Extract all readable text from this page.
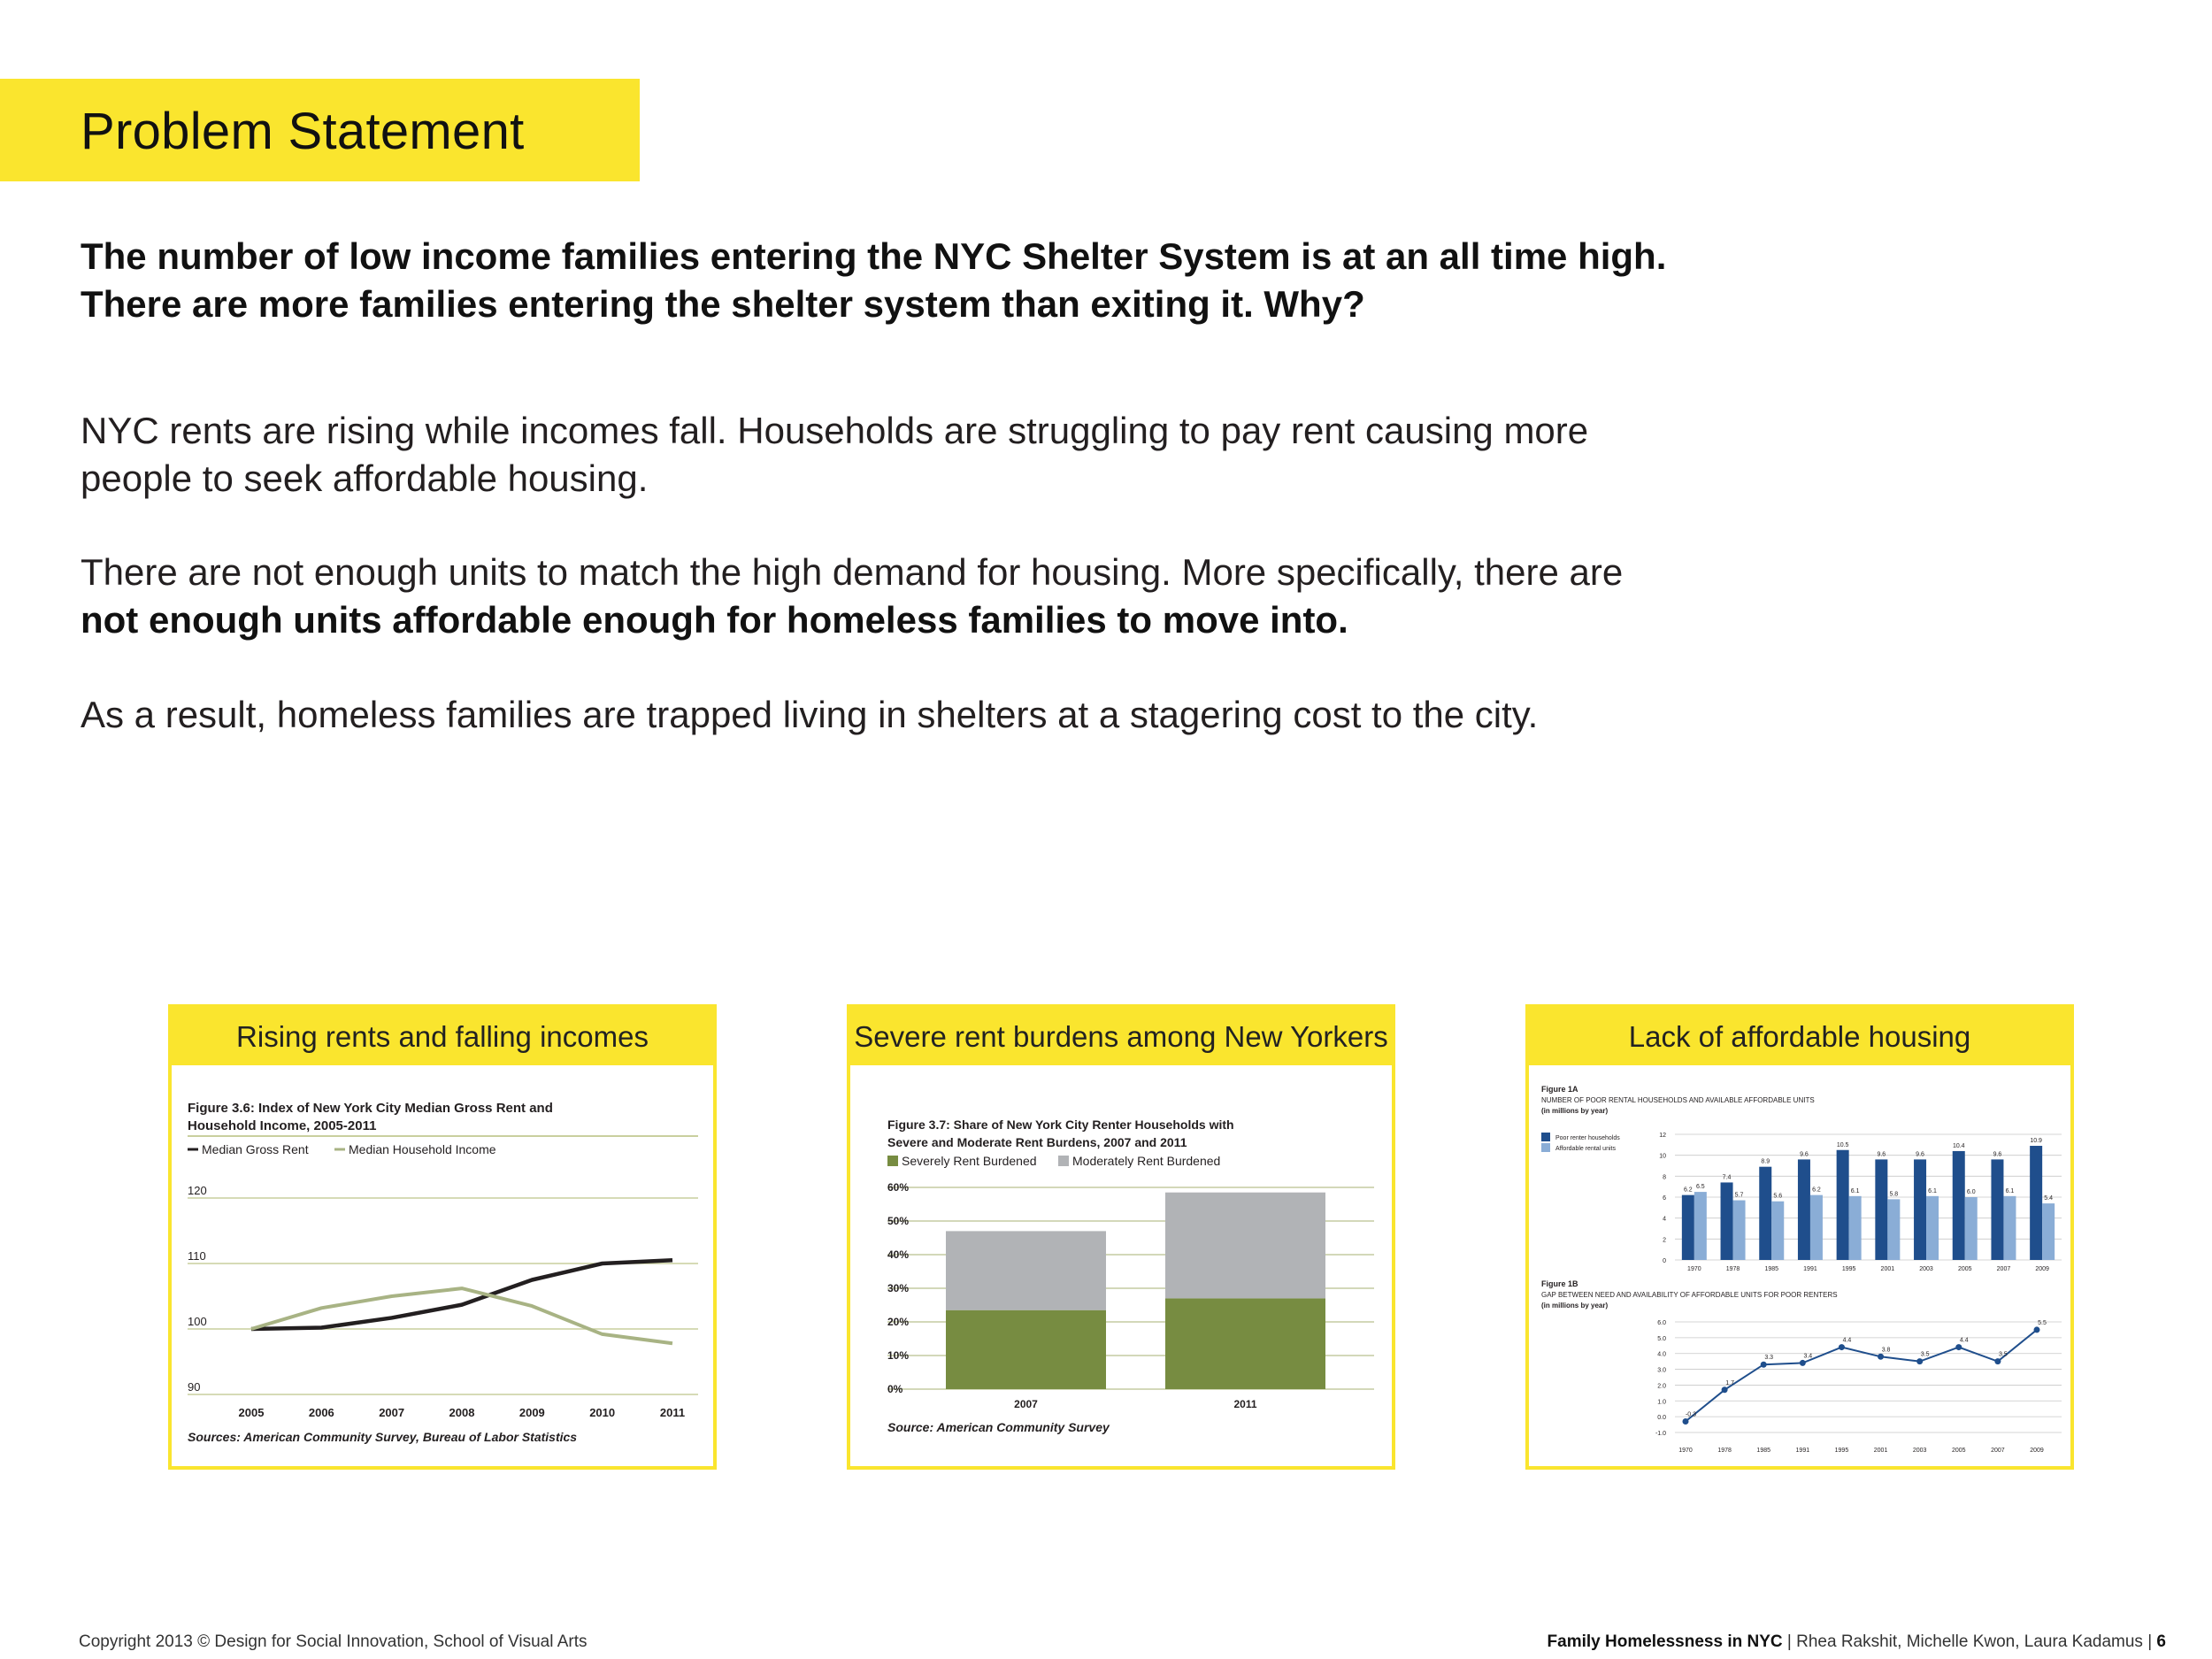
Problem Statement
The number of low income families entering the NYC Shelter System is at an all time high.
There are more families entering the shelter system than exiting it. Why?
NYC rents are rising while incomes fall. Households are struggling to pay rent causing more
people to seek affordable housing.
There are not enough units to match the high demand for housing. More specifically, there are
not enough units affordable enough for homeless families to move into.
As a result, homeless families are trapped living in shelters at a stagering cost to the city.
Rising rents and falling incomes
Figure 3.6: Index of New York City Median Gross Rent and
Household Income, 2005-2011
Median Gross Rent	Median Household Income
120
110
100
90
2005	2006	2007	2008	2009	2010	2011
Sources: American Community Survey, Bureau of Labor Statistics
Severe rent burdens among New Yorkers
Figure 3.7: Share of New York City Renter Households with
Severe and Moderate Rent Burdens, 2007 and 2011
Severely Rent Burdened	Moderately Rent Burdened
60%
50%
40%
30%
20%
10%
0%
2007	2011
Source: American Community Survey
Lack of affordable housing
Figure 1A
NUMBER OF POOR RENTAL HOUSEHOLDS AND AVAILABLE AFFORDABLE UNITS
(in millions by year)
Poor renter households
Affordable rental units
12
10
8
6
4
2
0
6.2
6.5
1970
7.4
5.7
1978
8.9
5.6
1985
9.6
6.2
1991
10.5
6.1
1995
9.6
5.8
2001
9.6
6.1
2003
10.4
6.0
2005
9.6
6.1
2007
10.9
5.4
2009
Figure 1B
GAP BETWEEN NEED AND AVAILABILITY OF AFFORDABLE UNITS FOR POOR RENTERS
(in millions by year)
6.0
5.0
4.0
3.0
2.0
1.0
0.0
-1.0
-0.3
1970
1.7
1978
3.3
1985
3.4
1991
4.4
1995
3.8
2001
3.5
2003
4.4
2005
3.5
2007
5.5
2009
Copyright 2013 © Design for Social Innovation, School of Visual Arts	Family Homelessness in NYC | Rhea Rakshit, Michelle Kwon, Laura Kadamus | 6
